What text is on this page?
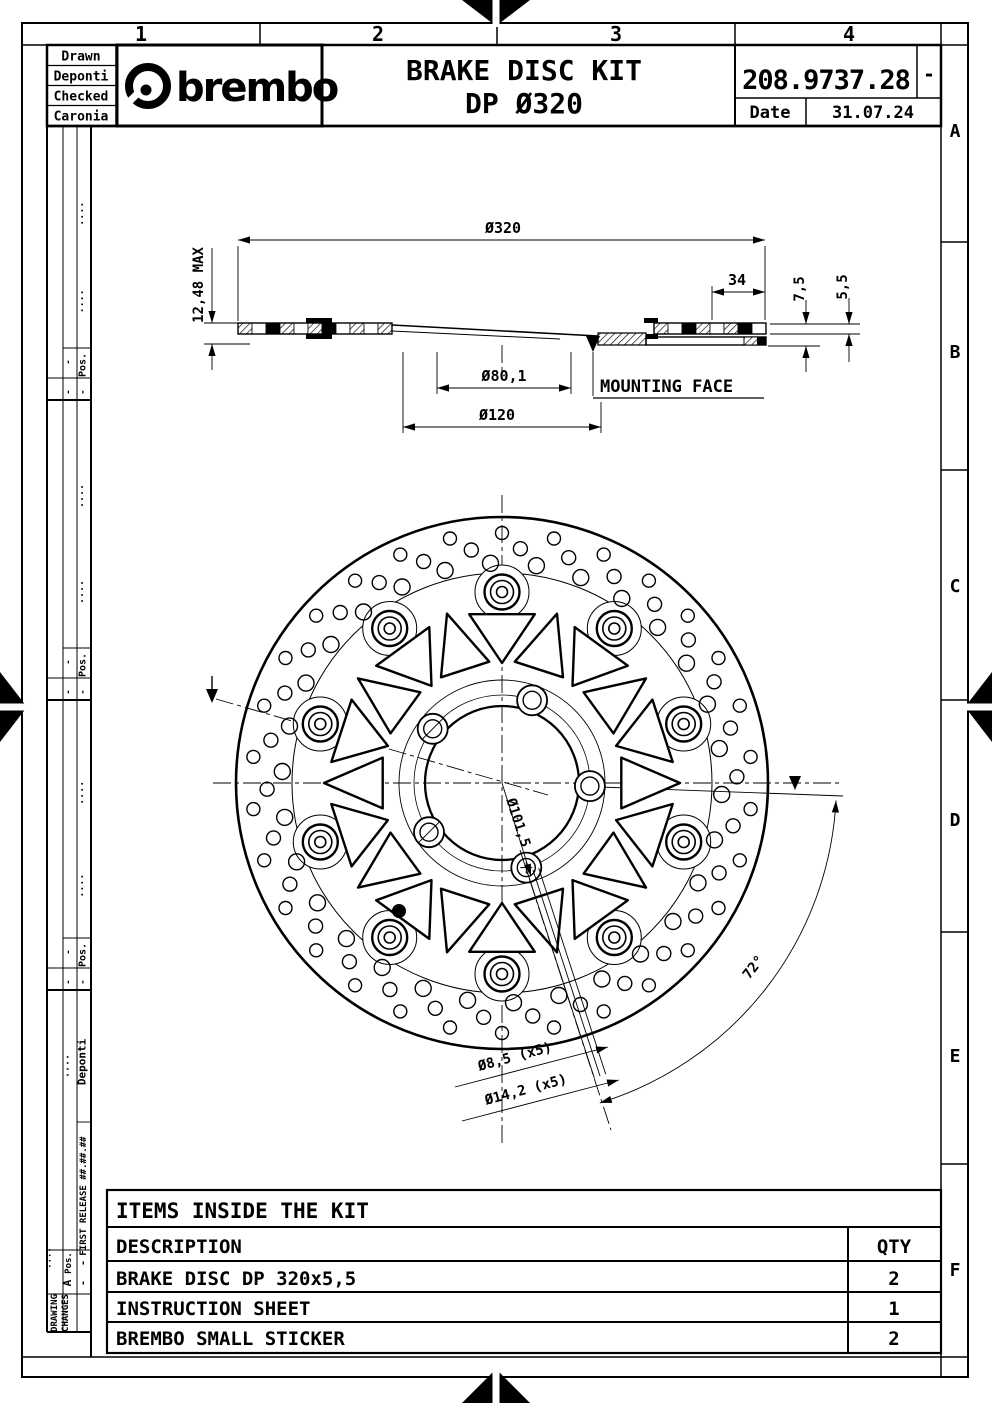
1	2	3	4
A
B
C
D
E
F
Drawn
Deponti
Checked
Caronia
brembo BRAKE DISC KIT
DP Ø320
208.9737.28 -
Date 31.07.24
Pos.
····
····
-
- -
Pos.
····
····
-
- -
Pos.
····
····
-
- -
Deponti
····
FIRST RELEASE ##.##.##
Pos. -
····
A -
DRAWING CHANGES
Ø320
12,48 MAX	34	7,5 5,5
Ø80,1
Ø120
MOUNTING FACE
Ø101,5
Ø8,5 (x5)
Ø14,2 (x5)
72°
ITEMS INSIDE THE KIT
DESCRIPTION	QTY
BRAKE DISC DP 320x5,5	2
INSTRUCTION SHEET	1
BREMBO SMALL STICKER	2
